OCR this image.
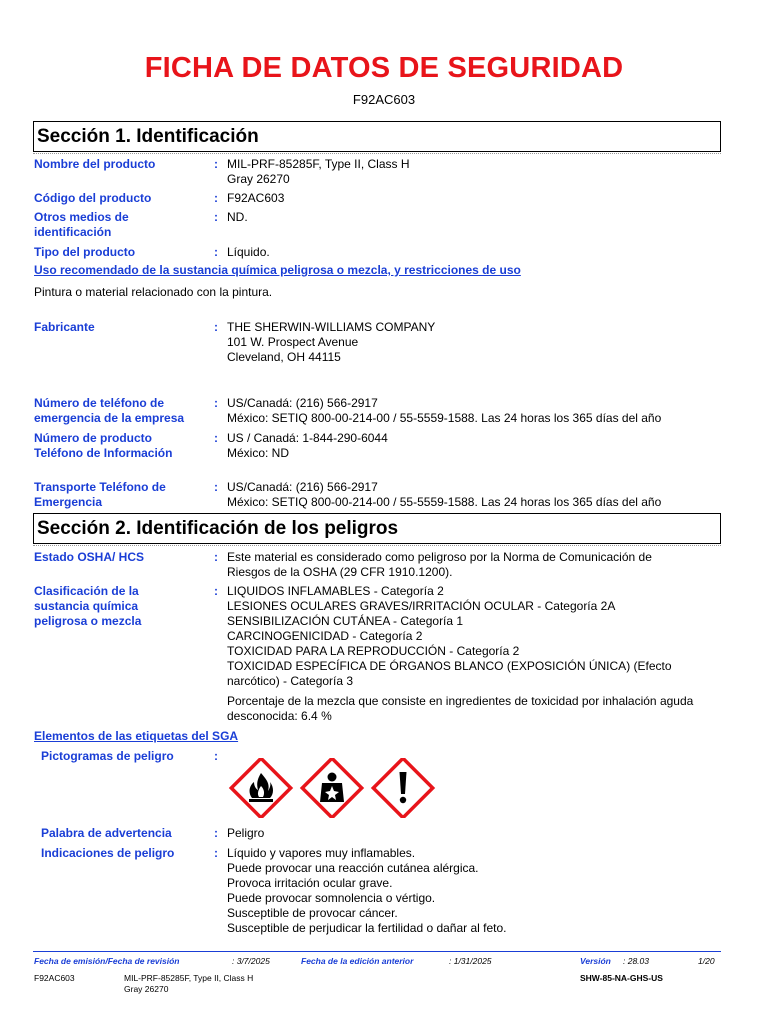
FICHA DE DATOS DE SEGURIDAD
F92AC603
Sección 1. Identificación
Nombre del producto	: MIL-PRF-85285F, Type II, Class H
Gray 26270
Código del producto	: F92AC603
Otros medios de
identificación
: ND.
Tipo del producto	: Líquido.
Uso recomendado de la sustancia química peligrosa o mezcla, y restricciones de uso
Pintura o material relacionado con la pintura.
Fabricante	: THE SHERWIN-WILLIAMS COMPANY
101 W. Prospect Avenue
Cleveland, OH 44115
Número de teléfono de
emergencia de la empresa
: US/Canadá: (216) 566-2917
México: SETIQ 800-00-214-00 / 55-5559-1588. Las 24 horas los 365 días del año
Número de producto
Teléfono de Información
: US / Canadá: 1-844-290-6044
México: ND
Transporte Teléfono de
Emergencia
: US/Canadá: (216) 566-2917
México: SETIQ 800-00-214-00 / 55-5559-1588. Las 24 horas los 365 días del año
Sección 2. Identificación de los peligros
Estado OSHA/ HCS	: Este material es considerado como peligroso por la Norma de Comunicación de
Riesgos de la OSHA (29 CFR 1910.1200).
Clasificación de la
sustancia química
peligrosa o mezcla
: LIQUIDOS INFLAMABLES - Categoría 2
LESIONES OCULARES GRAVES/IRRITACIÓN OCULAR - Categoría 2A
SENSIBILIZACIÓN CUTÁNEA - Categoría 1
CARCINOGENICIDAD - Categoría 2
TOXICIDAD PARA LA REPRODUCCIÓN - Categoría 2
TOXICIDAD ESPECÍFICA DE ÓRGANOS BLANCO (EXPOSICIÓN ÚNICA) (Efecto
narcótico) - Categoría 3
Porcentaje de la mezcla que consiste en ingredientes de toxicidad por inhalación aguda
desconocida: 6.4 %
Elementos de las etiquetas del SGA
Pictogramas de peligro	:
Palabra de advertencia	: Peligro
Indicaciones de peligro	: Líquido y vapores muy inflamables.
Puede provocar una reacción cutánea alérgica.
Provoca irritación ocular grave.
Puede provocar somnolencia o vértigo.
Susceptible de provocar cáncer.
Susceptible de perjudicar la fertilidad o dañar al feto.
Fecha de emisión/Fecha de revisión	: 3/7/2025	Fecha de la edición anterior	: 1/31/2025	Versión : 28.03	1/20
F92AC603	MIL-PRF-85285F, Type II, Class H
Gray 26270
SHW-85-NA-GHS-US
